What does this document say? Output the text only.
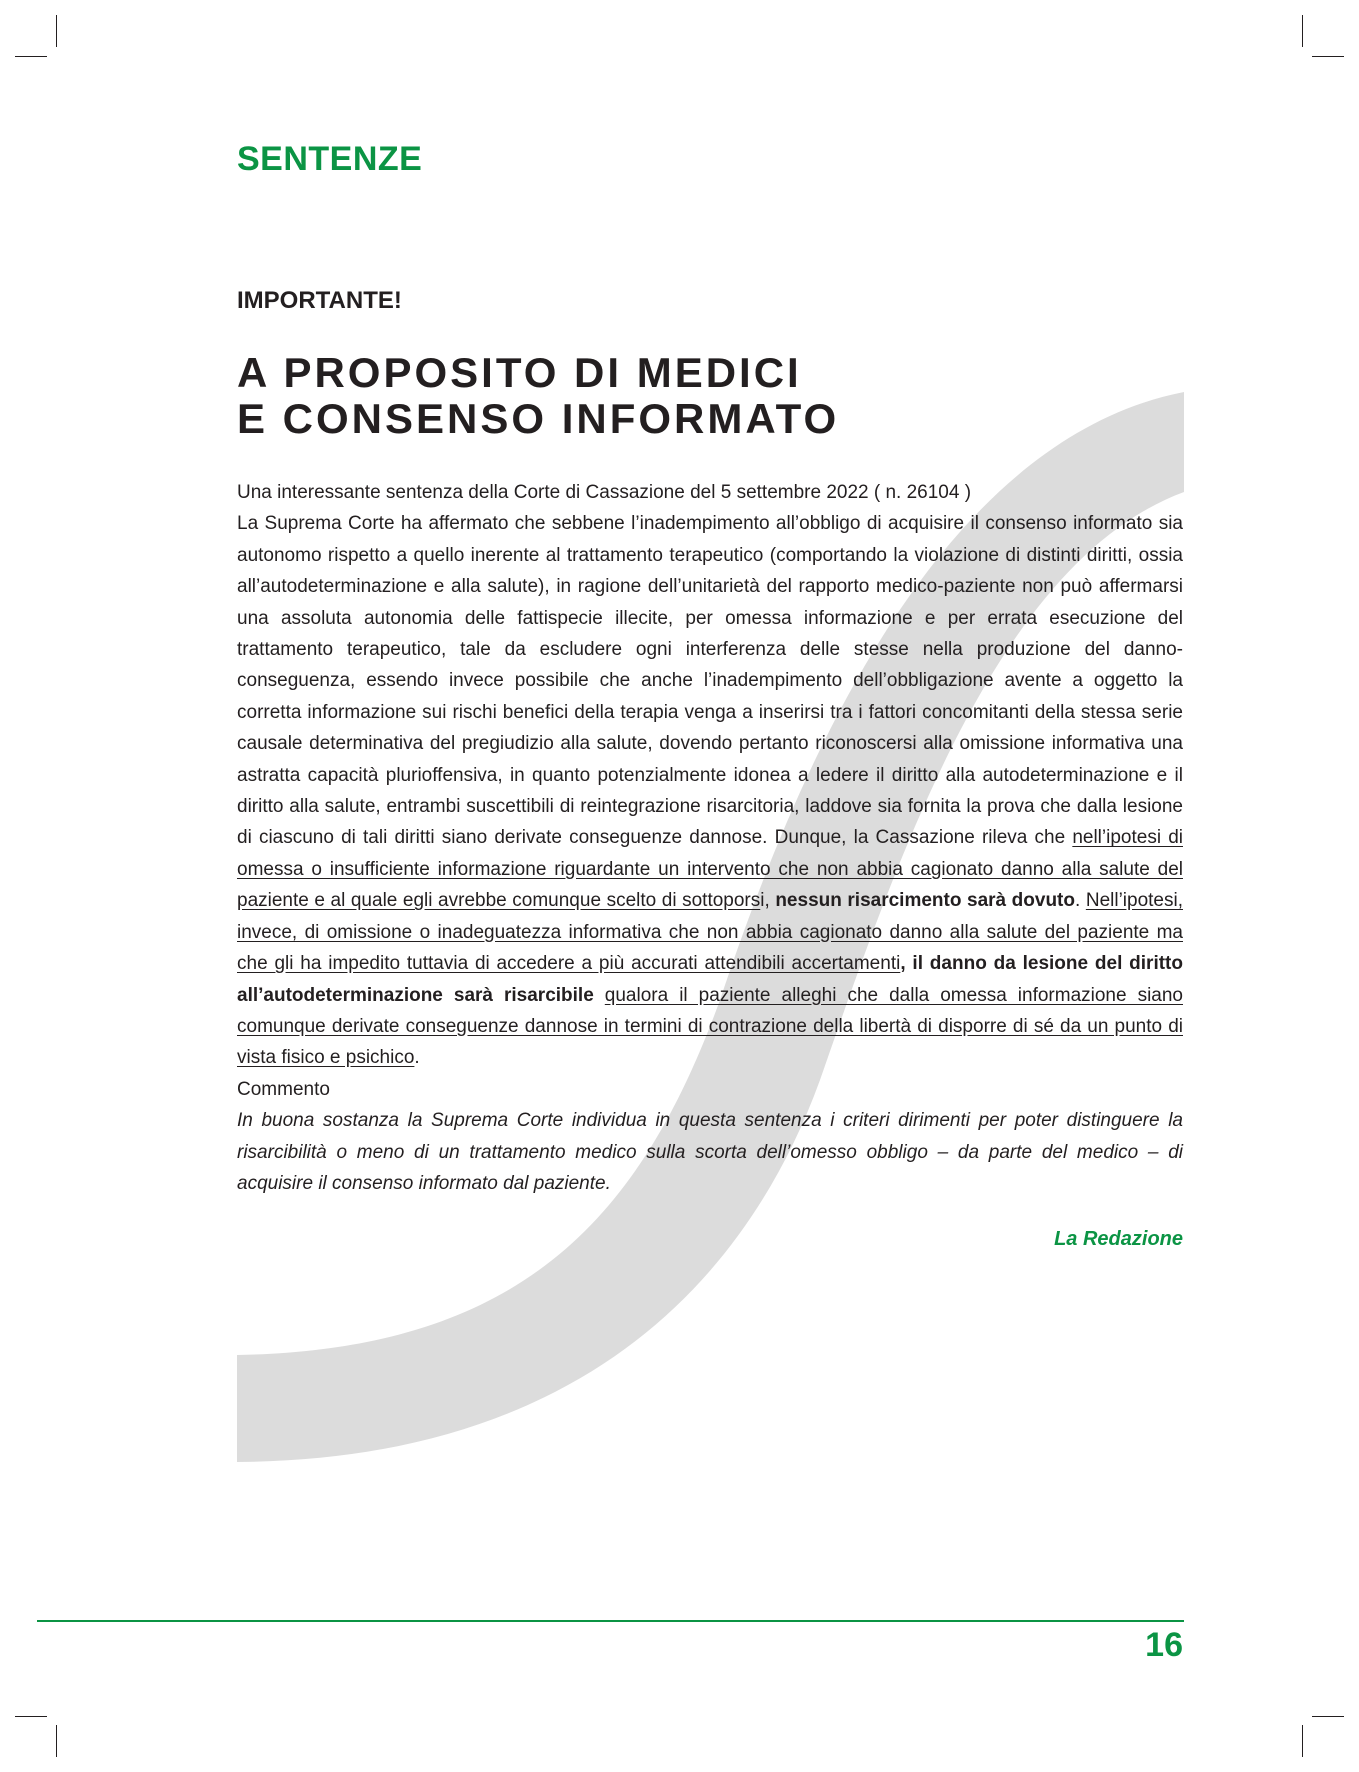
SENTENZE
IMPORTANTE!
A PROPOSITO DI MEDICI
E CONSENSO INFORMATO

Una interessante sentenza della Corte di Cassazione del 5 settembre 2022 ( n. 26104 )

La Suprema Corte ha affermato che sebbene l’inadempimento all’obbligo di acquisire il consenso informato sia autonomo rispetto a quello inerente al trattamento terapeutico (comportando la violazione di distinti diritti, ossia all’autodeterminazione e alla salute), in ragione dell’unitarietà del rapporto medico-paziente non può affermarsi una assoluta autonomia delle fattispecie illecite, per omessa informazione e per errata esecuzione del trattamento terapeutico, tale da escludere ogni interferenza delle stesse nella produzione del danno-conseguenza, essendo invece possibile che anche l’inadempimento dell’obbligazione avente a oggetto la corretta informazione sui rischi benefici della terapia venga a inserirsi tra i fattori concomitanti della stessa serie causale determinativa del pregiudizio alla salute, dovendo pertanto riconoscersi alla omissione informativa una astratta capacità plurioffensiva, in quanto potenzialmente idonea a ledere il diritto alla autodeterminazione e il diritto alla salute, entrambi suscettibili di reintegrazione risarcitoria, laddove sia fornita la prova che dalla lesione di ciascuno di tali diritti siano derivate conseguenze dannose. Dunque, la Cassazione rileva che nell’ipotesi di omessa o insufficiente informazione riguardante un intervento che non abbia cagionato danno alla salute del paziente e al quale egli avrebbe comunque scelto di sottoporsi, nessun risarcimento sarà dovuto. Nell’ipotesi, invece, di omissione o inadeguatezza informativa che non abbia cagionato danno alla salute del paziente ma che gli ha impedito tuttavia di accedere a più accurati attendibili accertamenti, il danno da lesione del diritto all’autodeterminazione sarà risarcibile qualora il paziente alleghi che dalla omessa informazione siano comunque derivate conseguenze dannose in termini di contrazione della libertà di disporre di sé da un punto di vista fisico e psichico.

Commento

In buona sostanza la Suprema Corte individua in questa sentenza i criteri dirimenti per poter distinguere la risarcibilità o meno di un trattamento medico sulla scorta dell’omesso obbligo – da parte del medico – di acquisire il consenso informato dal paziente.

La Redazione
16
